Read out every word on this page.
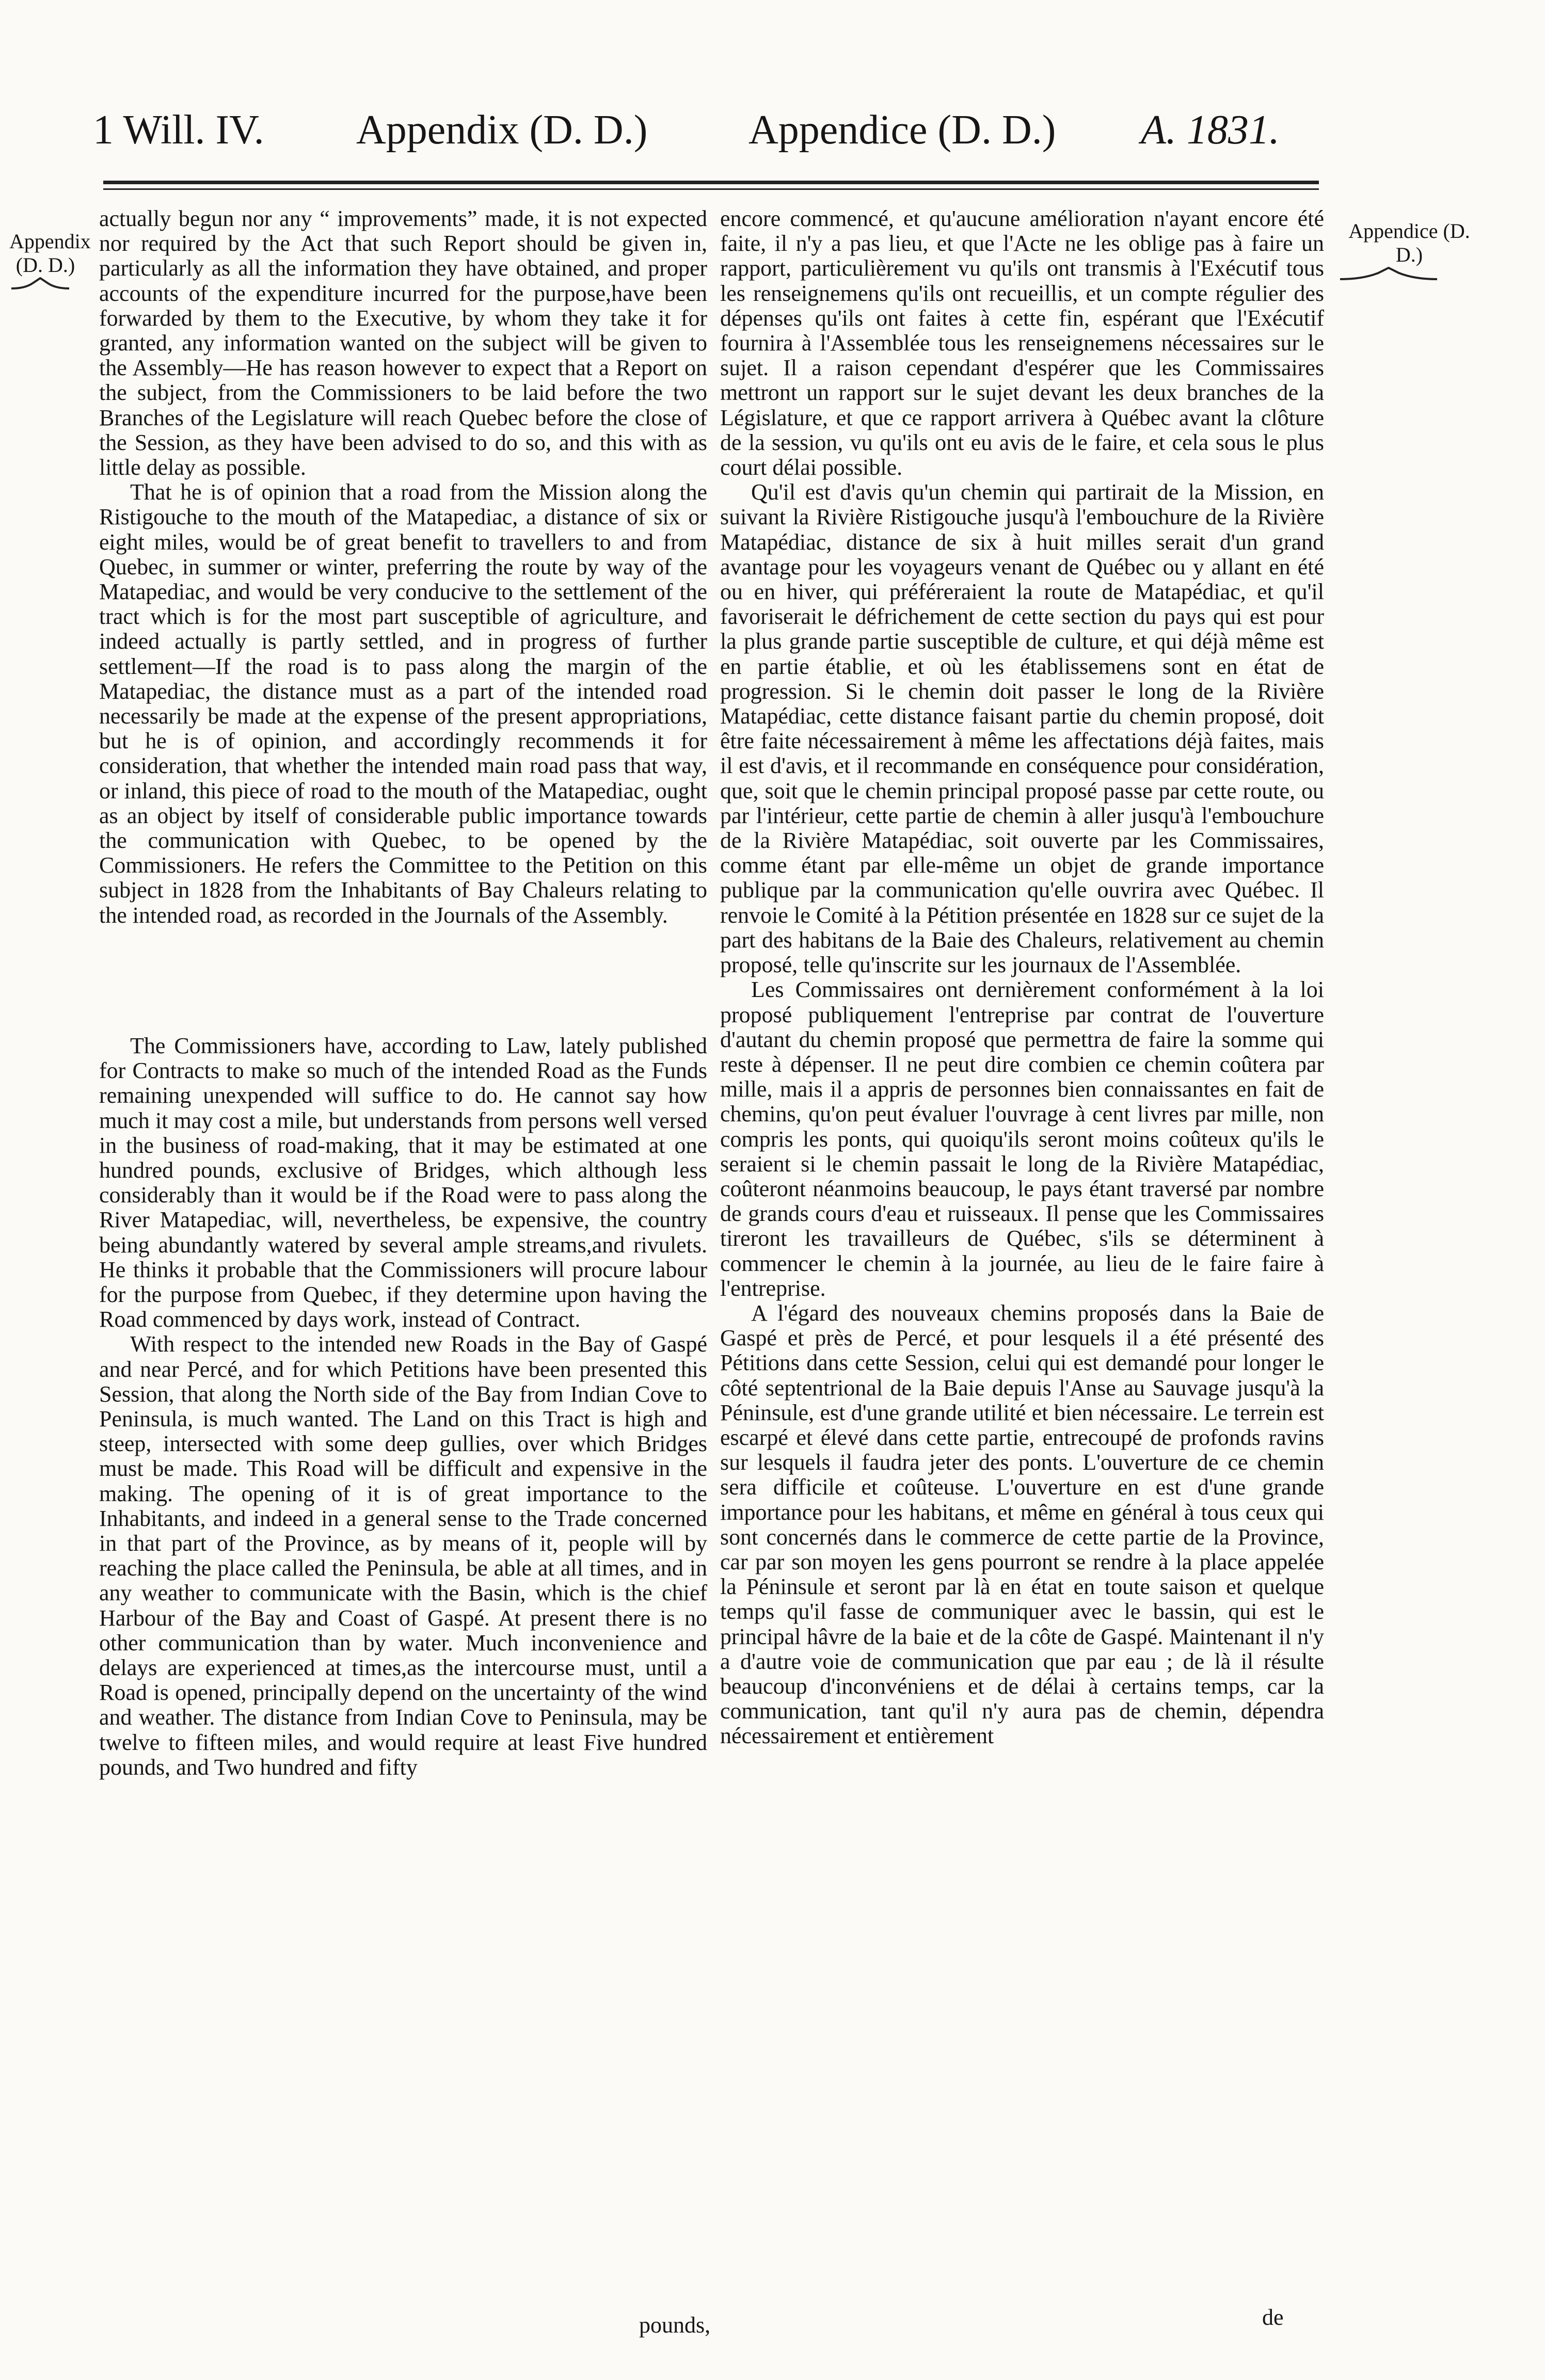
1 Will. IV. Appendix (D. D.) Appendice (D. D.) A. 1831.
Appendix (D. D.)
Appendice (D. D.)

actually begun nor any “ improvements” made, it is not expected nor required by the Act that such Report should be given in, particularly as all the information they have obtained, and proper accounts of the expenditure incurred for the purpose,have been forwarded by them to the Executive, by whom they take it for granted, any information wanted on the subject will be given to the Assembly—He has reason however to expect that a Report on the subject, from the Commissioners to be laid before the two Branches of the Legislature will reach Quebec before the close of the Session, as they have been advised to do so, and this with as little delay as possible.

That he is of opinion that a road from the Mission along the Ristigouche to the mouth of the Matapediac, a distance of six or eight miles, would be of great benefit to travellers to and from Quebec, in summer or winter, preferring the route by way of the Matapediac, and would be very conducive to the settlement of the tract which is for the most part susceptible of agriculture, and indeed actually is partly settled, and in progress of further settlement—If the road is to pass along the margin of the Matapediac, the distance must as a part of the intended road necessarily be made at the expense of the present appropriations, but he is of opinion, and accordingly recommends it for consideration, that whether the intended main road pass that way, or inland, this piece of road to the mouth of the Matapediac, ought as an object by itself of considerable public importance towards the communication with Quebec, to be opened by the Commissioners. He refers the Committee to the Petition on this subject in 1828 from the Inhabitants of Bay Chaleurs relating to the intended road, as recorded in the Journals of the Assembly.

The Commissioners have, according to Law, lately published for Contracts to make so much of the intended Road as the Funds remaining unexpended will suffice to do. He cannot say how much it may cost a mile, but understands from persons well versed in the business of road-making, that it may be estimated at one hundred pounds, exclusive of Bridges, which although less considerably than it would be if the Road were to pass along the River Matapediac, will, nevertheless, be expensive, the country being abundantly watered by several ample streams,and rivulets. He thinks it probable that the Commissioners will procure labour for the purpose from Quebec, if they determine upon having the Road commenced by days work, instead of Contract.

With respect to the intended new Roads in the Bay of Gaspé and near Percé, and for which Petitions have been presented this Session, that along the North side of the Bay from Indian Cove to Peninsula, is much wanted. The Land on this Tract is high and steep, intersected with some deep gullies, over which Bridges must be made. This Road will be difficult and expensive in the making. The opening of it is of great importance to the Inhabitants, and indeed in a general sense to the Trade concerned in that part of the Province, as by means of it, people will by reaching the place called the Peninsula, be able at all times, and in any weather to communicate with the Basin, which is the chief Harbour of the Bay and Coast of Gaspé. At present there is no other communication than by water. Much inconvenience and delays are experienced at times,as the intercourse must, until a Road is opened, principally depend on the uncertainty of the wind and weather. The distance from Indian Cove to Peninsula, may be twelve to fifteen miles, and would require at least Five hundred pounds, and Two hundred and fifty

pounds,

encore commencé, et qu'aucune amélioration n'ayant encore été faite, il n'y a pas lieu, et que l'Acte ne les oblige pas à faire un rapport, particulièrement vu qu'ils ont transmis à l'Exécutif tous les renseignemens qu'ils ont recueillis, et un compte régulier des dépenses qu'ils ont faites à cette fin, espérant que l'Exécutif fournira à l'Assemblée tous les renseignemens nécessaires sur le sujet. Il a raison cependant d'espérer que les Commissaires mettront un rapport sur le sujet devant les deux branches de la Législature, et que ce rapport arrivera à Québec avant la clôture de la session, vu qu'ils ont eu avis de le faire, et cela sous le plus court délai possible.

Qu'il est d'avis qu'un chemin qui partirait de la Mission, en suivant la Rivière Ristigouche jusqu'à l'embouchure de la Rivière Matapédiac, distance de six à huit milles serait d'un grand avantage pour les voyageurs venant de Québec ou y allant en été ou en hiver, qui préféreraient la route de Matapédiac, et qu'il favoriserait le défrichement de cette section du pays qui est pour la plus grande partie susceptible de culture, et qui déjà même est en partie établie, et où les établissemens sont en état de progression. Si le chemin doit passer le long de la Rivière Matapédiac, cette distance faisant partie du chemin proposé, doit être faite nécessairement à même les affectations déjà faites, mais il est d'avis, et il recommande en conséquence pour considération, que, soit que le chemin principal proposé passe par cette route, ou par l'intérieur, cette partie de chemin à aller jusqu'à l'embouchure de la Rivière Matapédiac, soit ouverte par les Commissaires, comme étant par elle-même un objet de grande importance publique par la communication qu'elle ouvrira avec Québec. Il renvoie le Comité à la Pétition présentée en 1828 sur ce sujet de la part des habitans de la Baie des Chaleurs, relativement au chemin proposé, telle qu'inscrite sur les journaux de l'Assemblée.

Les Commissaires ont dernièrement conformément à la loi proposé publiquement l'entreprise par contrat de l'ouverture d'autant du chemin proposé que permettra de faire la somme qui reste à dépenser. Il ne peut dire combien ce chemin coûtera par mille, mais il a appris de personnes bien connaissantes en fait de chemins, qu'on peut évaluer l'ouvrage à cent livres par mille, non compris les ponts, qui quoiqu'ils seront moins coûteux qu'ils le seraient si le chemin passait le long de la Rivière Matapédiac, coûteront néanmoins beaucoup, le pays étant traversé par nombre de grands cours d'eau et ruisseaux. Il pense que les Commissaires tireront les travailleurs de Québec, s'ils se déterminent à commencer le chemin à la journée, au lieu de le faire faire à l'entreprise.

A l'égard des nouveaux chemins proposés dans la Baie de Gaspé et près de Percé, et pour lesquels il a été présenté des Pétitions dans cette Session, celui qui est demandé pour longer le côté septentrional de la Baie depuis l'Anse au Sauvage jusqu'à la Péninsule, est d'une grande utilité et bien nécessaire. Le terrein est escarpé et élevé dans cette partie, entrecoupé de profonds ravins sur lesquels il faudra jeter des ponts. L'ouverture de ce chemin sera difficile et coûteuse. L'ouverture en est d'une grande importance pour les habitans, et même en général à tous ceux qui sont concernés dans le commerce de cette partie de la Province, car par son moyen les gens pourront se rendre à la place appelée la Péninsule et seront par là en état en toute saison et quelque temps qu'il fasse de communiquer avec le bassin, qui est le principal hâvre de la baie et de la côte de Gaspé. Maintenant il n'y a d'autre voie de communication que par eau ; de là il résulte beaucoup d'inconvéniens et de délai à certains temps, car la communication, tant qu'il n'y aura pas de chemin, dépendra nécessairement et entièrement

de
